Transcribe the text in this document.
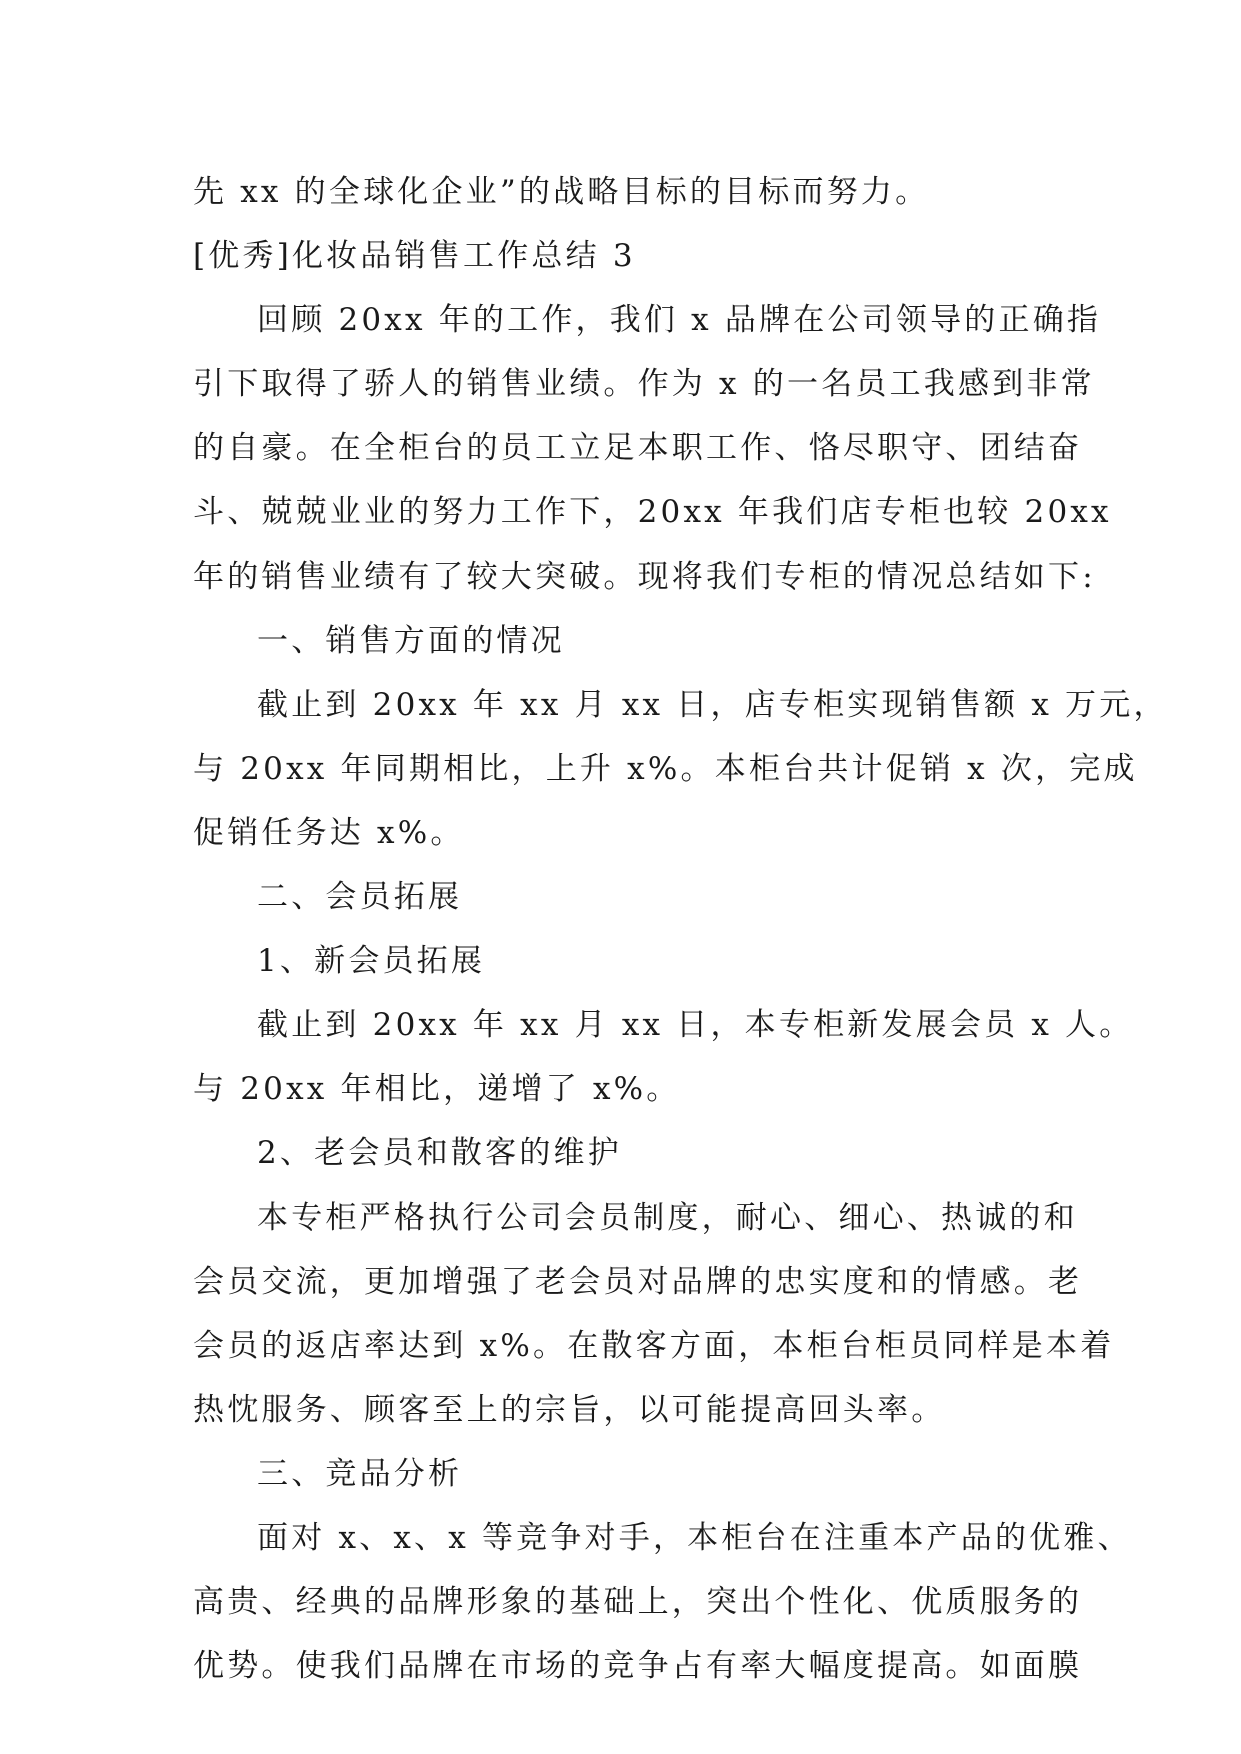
先 xx 的全球化企业”的战略目标的目标而努力。
[优秀]化妆品销售工作总结 3
回顾 20xx 年的工作，我们 x 品牌在公司领导的正确指
引下取得了骄人的销售业绩。作为 x 的一名员工我感到非常
的自豪。在全柜台的员工立足本职工作、恪尽职守、团结奋
斗、兢兢业业的努力工作下，20xx 年我们店专柜也较 20xx
年的销售业绩有了较大突破。现将我们专柜的情况总结如下:
一、销售方面的情况
截止到 20xx 年 xx 月 xx 日，店专柜实现销售额 x 万元，
与 20xx 年同期相比，上升 x%。本柜台共计促销 x 次，完成
促销任务达 x%。
二、会员拓展
1、新会员拓展
截止到 20xx 年 xx 月 xx 日，本专柜新发展会员 x 人。
与 20xx 年相比，递增了 x%。
2、老会员和散客的维护
本专柜严格执行公司会员制度，耐心、细心、热诚的和
会员交流，更加增强了老会员对品牌的忠实度和的情感。老
会员的返店率达到 x%。在散客方面，本柜台柜员同样是本着
热忱服务、顾客至上的宗旨，以可能提高回头率。
三、竞品分析
面对 x、x、x 等竞争对手，本柜台在注重本产品的优雅、
高贵、经典的品牌形象的基础上，突出个性化、优质服务的
优势。使我们品牌在市场的竞争占有率大幅度提高。如面膜
